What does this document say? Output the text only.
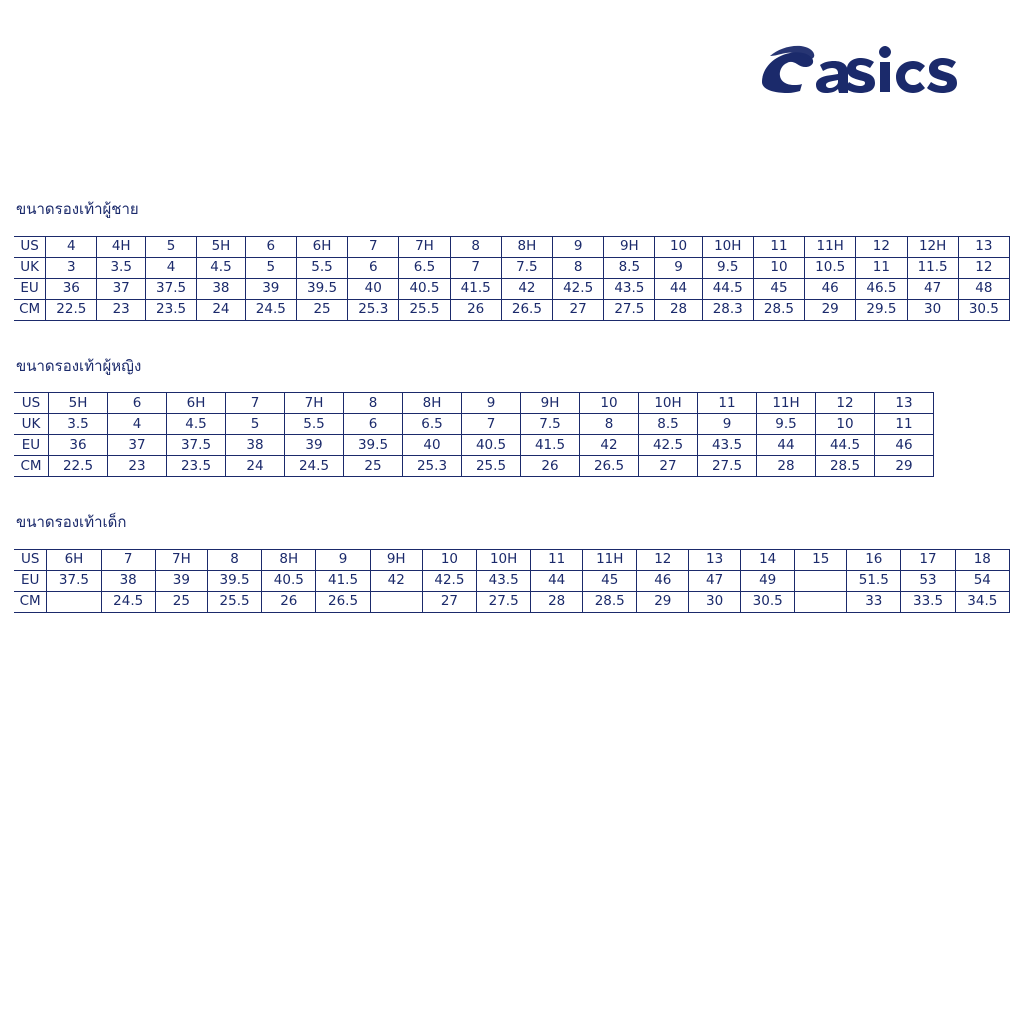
ขนาดรองเท้าผู้ชาย
US	4	4H	5	5H	6	6H	7	7H	8	8H	9	9H	10	10H	11	11H	12	12H	13
UK	3	3.5	4	4.5	5	5.5	6	6.5	7	7.5	8	8.5	9	9.5	10	10.5	11	11.5	12
EU	36	37	37.5	38	39	39.5	40	40.5	41.5	42	42.5	43.5	44	44.5	45	46	46.5	47	48
CM	22.5	23	23.5	24	24.5	25	25.3	25.5	26	26.5	27	27.5	28	28.3	28.5	29	29.5	30	30.5
ขนาดรองเท้าผู้หญิง
US	5H	6	6H	7	7H	8	8H	9	9H	10	10H	11	11H	12	13
UK	3.5	4	4.5	5	5.5	6	6.5	7	7.5	8	8.5	9	9.5	10	11
EU	36	37	37.5	38	39	39.5	40	40.5	41.5	42	42.5	43.5	44	44.5	46
CM	22.5	23	23.5	24	24.5	25	25.3	25.5	26	26.5	27	27.5	28	28.5	29
ขนาดรองเท้าเด็ก
US	6H	7	7H	8	8H	9	9H	10	10H	11	11H	12	13	14	15	16	17	18
EU	37.5	38	39	39.5	40.5	41.5	42	42.5	43.5	44	45	46	47	49		51.5	53	54
CM		24.5	25	25.5	26	26.5		27	27.5	28	28.5	29	30	30.5		33	33.5	34.5
